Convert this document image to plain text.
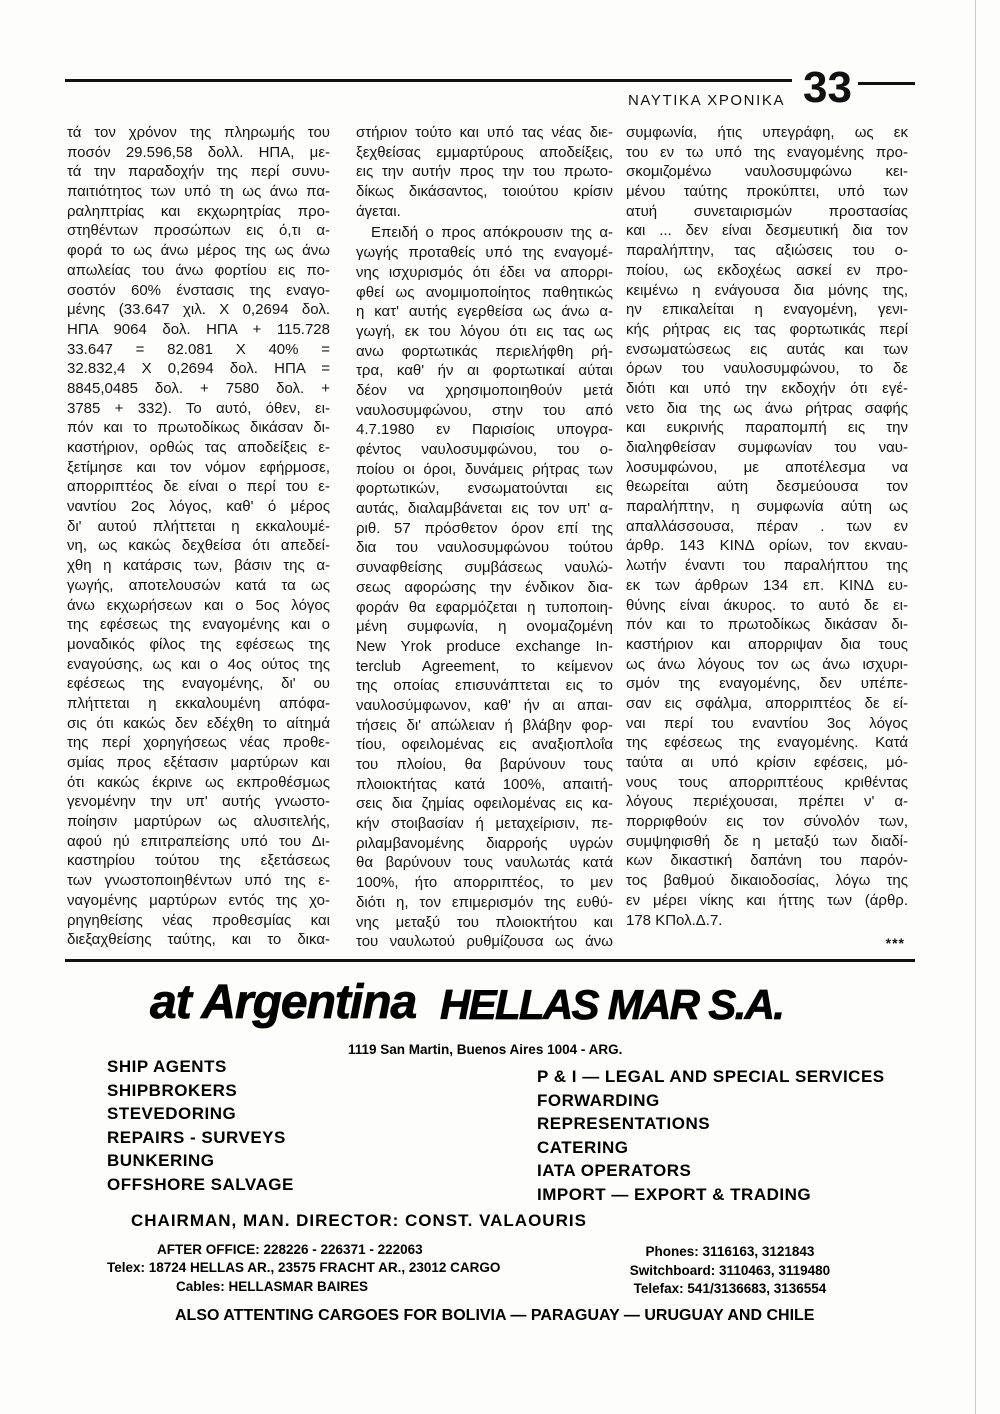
33
ΝΑΥΤΙΚΑ ΧΡΟΝΙΚΑ
τά τον χρόνον της πληρωμής του
ποσόν 29.596,58 δολλ. ΗΠΑ, με-
τά την παραδοχήν της περί συνυ-
παιτιότητος των υπό τη ως άνω πα-
ραληπτρίας και εκχωρητρίας προ-
στηθέντων προσώπων εις ό,τι α-
φορά το ως άνω μέρος της ως άνω
απωλείας του άνω φορτίου εις πο-
σοστόν 60% ένστασις της εναγο-
μένης (33.647 χιλ. X 0,2694 δολ.
ΗΠΑ 9064 δολ. ΗΠΑ + 115.728
33.647 = 82.081 X 40% =
32.832,4 X 0,2694 δολ. ΗΠΑ =
8845,0485 δολ. + 7580 δολ. +
3785 + 332). Το αυτό, όθεν, ει-
πόν και το πρωτοδίκως δικάσαν δι-
καστήριον, ορθώς τας αποδείξεις ε-
ξετίμησε και τον νόμον εφήρμοσε,
απορριπτέος δε είναι ο περί του ε-
ναντίου 2ος λόγος, καθ' ό μέρος
δι' αυτού πλήττεται η εκκαλουμέ-
νη, ως κακώς δεχθείσα ότι απεδεί-
χθη η κατάρσις των, βάσιν της α-
γωγής, αποτελουσών κατά τα ως
άνω εκχωρήσεων και ο 5ος λόγος
της εφέσεως της εναγομένης και ο
μοναδικός φίλος της εφέσεως της
εναγούσης, ως και ο 4ος ούτος της
εφέσεως της εναγομένης, δι' ου
πλήττεται η εκκαλουμένη απόφα-
σις ότι κακώς δεν εδέχθη το αίτημά
της περί χορηγήσεως νέας προθε-
σμίας προς εξέτασιν μαρτύρων και
ότι κακώς έκρινε ως εκπροθέσμως
γενομένην την υπ' αυτής γνωστο-
ποίησιν μαρτύρων ως αλυσιτελής,
αφού ηύ επιτραπείσης υπό του Δι-
καστηρίου τούτου της εξετάσεως
των γνωστοποιηθέντων υπό της ε-
ναγομένης μαρτύρων εντός της χο-
ρηγηθείσης νέας προθεσμίας και
διεξαχθείσης ταύτης, και το δικα-
στήριον τούτο και υπό τας νέας διε-
ξεχθείσας εμμαρτύρους αποδείξεις,
εις την αυτήν προς την του πρωτο-
δίκως δικάσαντος, τοιούτου κρίσιν
άγεται.
Επειδή ο προς απόκρουσιν της α-
γωγής προταθείς υπό της εναγομέ-
νης ισχυρισμός ότι έδει να απορρι-
φθεί ως ανομιμοποίητος παθητικώς
η κατ' αυτής εγερθείσα ως άνω α-
γωγή, εκ του λόγου ότι εις τας ως
ανω φορτωτικάς περιελήφθη ρή-
τρα, καθ' ήν αι φορτωτικαί αύται
δέον να χρησιμοποιηθούν μετά
ναυλοσυμφώνου, στην του από
4.7.1980 εν Παρισίοις υπογρα-
φέντος ναυλοσυμφώνου, του ο-
ποίου οι όροι, δυνάμεις ρήτρας των
φορτωτικών, ενσωματούνται εις
αυτάς, διαλαμβάνεται εις τον υπ' α-
ριθ. 57 πρόσθετον όρον επί της
δια του ναυλοσυμφώνου τούτου
συναφθείσης συμβάσεως ναυλώ-
σεως αφορώσης την ένδικον δια-
φοράν θα εφαρμόζεται η τυποποιη-
μένη συμφωνία, η ονομαζομένη
New Yrok produce exchange In-
terclub Agreement, το κείμενον
της οποίας επισυνάπτεται εις το
ναυλοσύμφωνον, καθ' ήν αι απαι-
τήσεις δι' απώλειαν ή βλάβην φορ-
τίου, οφειλομένας εις αναξιοπλοΐα
του πλοίου, θα βαρύνουν τους
πλοιοκτήτας κατά 100%, απαιτή-
σεις δια ζημίας οφειλομένας εις κα-
κήν στοιβασίαν ή μεταχείρισιν, πε-
ριλαμβανομένης διαρροής υγρών
θα βαρύνουν τους ναυλωτάς κατά
100%, ήτο απορριπτέος, το μεν
διότι η, τον επιμερισμόν της ευθύ-
νης μεταξύ του πλοιοκτήτου και
του ναυλωτού ρυθμίζουσα ως άνω
συμφωνία, ήτις υπεγράφη, ως εκ
του εν τω υπό της εναγομένης προ-
σκομιζομένω ναυλοσυμφώνω κει-
μένου ταύτης προκύπτει, υπό των
ατυή συνεταιρισμών προστασίας
και ... δεν είναι δεσμευτική δια τον
παραλήπτην, τας αξιώσεις του ο-
ποίου, ως εκδοχέως ασκεί εν προ-
κειμένω η ενάγουσα δια μόνης της,
ην επικαλείται η εναγομένη, γενι-
κής ρήτρας εις τας φορτωτικάς περί
ενσωματώσεως εις αυτάς και των
όρων του ναυλοσυμφώνου, το δε
διότι και υπό την εκδοχήν ότι εγέ-
νετο δια της ως άνω ρήτρας σαφής
και ευκρινής παραπομπή εις την
διαληφθείσαν συμφωνίαν του ναυ-
λοσυμφώνου, με αποτέλεσμα να
θεωρείται αύτη δεσμεύουσα τον
παραλήπτην, η συμφωνία αύτη ως
απαλλάσσουσα, πέραν . των εν
άρθρ. 143 ΚΙΝΔ ορίων, τον εκναυ-
λωτήν έναντι του παραλήπτου της
εκ των άρθρων 134 επ. ΚΙΝΔ ευ-
θύνης είναι άκυρος. το αυτό δε ει-
πόν και το πρωτοδίκως δικάσαν δι-
καστήριον και απορριψαν δια τους
ως άνω λόγους τον ως άνω ισχυρι-
σμόν της εναγομένης, δεν υπέπε-
σαν εις σφάλμα, απορριπτέος δε εί-
ναι περί του εναντίου 3ος λόγος
της εφέσεως της εναγομένης. Κατά
ταύτα αι υπό κρίσιν εφέσεις, μό-
νους τους απορριπτέους κριθέντας
λόγους περιέχουσαι, πρέπει ν' α-
πορριφθούν εις τον σύνολόν των,
συμψηφισθή δε η μεταξύ των διαδί-
κων δικαστική δαπάνη του παρόν-
τος βαθμού δικαιοδοσίας, λόγω της
εν μέρει νίκης και ήττης των (άρθρ.
178 ΚΠολ.Δ.7.
***
at Argentina HELLAS MAR S.A.
1119 San Martin, Buenos Aires 1004 - ARG.
SHIP AGENTS
SHIPBROKERS
STEVEDORING
REPAIRS - SURVEYS
BUNKERING
OFFSHORE SALVAGE
P & I — LEGAL AND SPECIAL SERVICES
FORWARDING
REPRESENTATIONS
CATERING
IATA OPERATORS
IMPORT — EXPORT & TRADING
CHAIRMAN, MAN. DIRECTOR: CONST. VALAOURIS
AFTER OFFICE: 228226 - 226371 - 222063
Telex: 18724 HELLAS AR., 23575 FRACHT AR., 23012 CARGO
Cables: HELLASMAR BAIRES
Phones: 3116163, 3121843
Switchboard: 3110463, 3119480
Telefax: 541/3136683, 3136554
ALSO ATTENTING CARGOES FOR BOLIVIA — PARAGUAY — URUGUAY AND CHILE
